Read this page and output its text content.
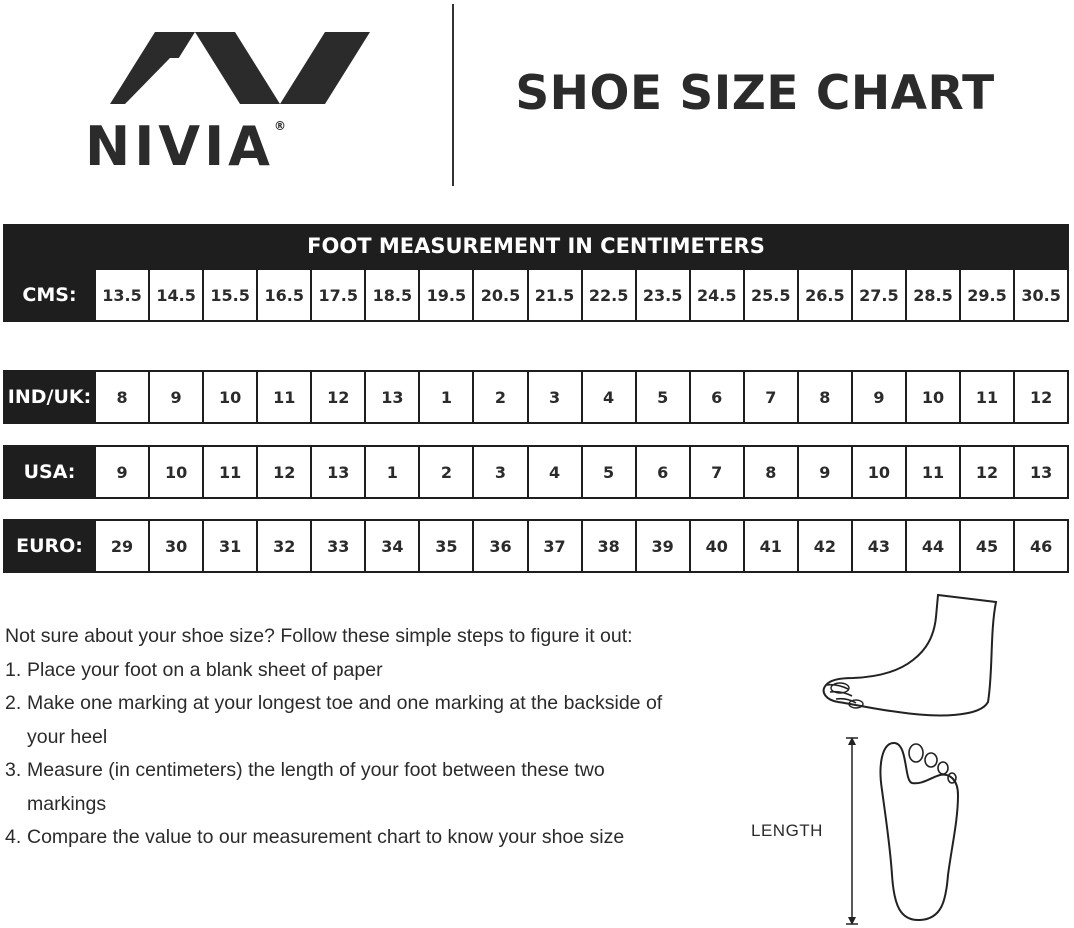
NIVIA®
SHOE SIZE CHART
FOOT MEASUREMENT IN CENTIMETERS
CMS:	13.5 14.5 15.5 16.5 17.5 18.5 19.5 20.5 21.5 22.5 23.5 24.5 25.5 26.5 27.5 28.5 29.5 30.5
IND/UK:	8	9	10	11	12	13	1	2	3	4	5	6	7	8	9	10	11	12
USA:	9	10	11	12	13	1	2	3	4	5	6	7	8	9	10	11	12	13
EURO:	29	30	31	32	33	34	35	36	37	38	39	40	41	42	43	44	45	46

Not sure about your shoe size? Follow these simple steps to figure it out:

1. Place your foot on a blank sheet of paper
2. Make one marking at your longest toe and one marking at the backside of your heel
3. Measure (in centimeters) the length of your foot between these two markings
4. Compare the value to our measurement chart to know your shoe size	LENGTH
